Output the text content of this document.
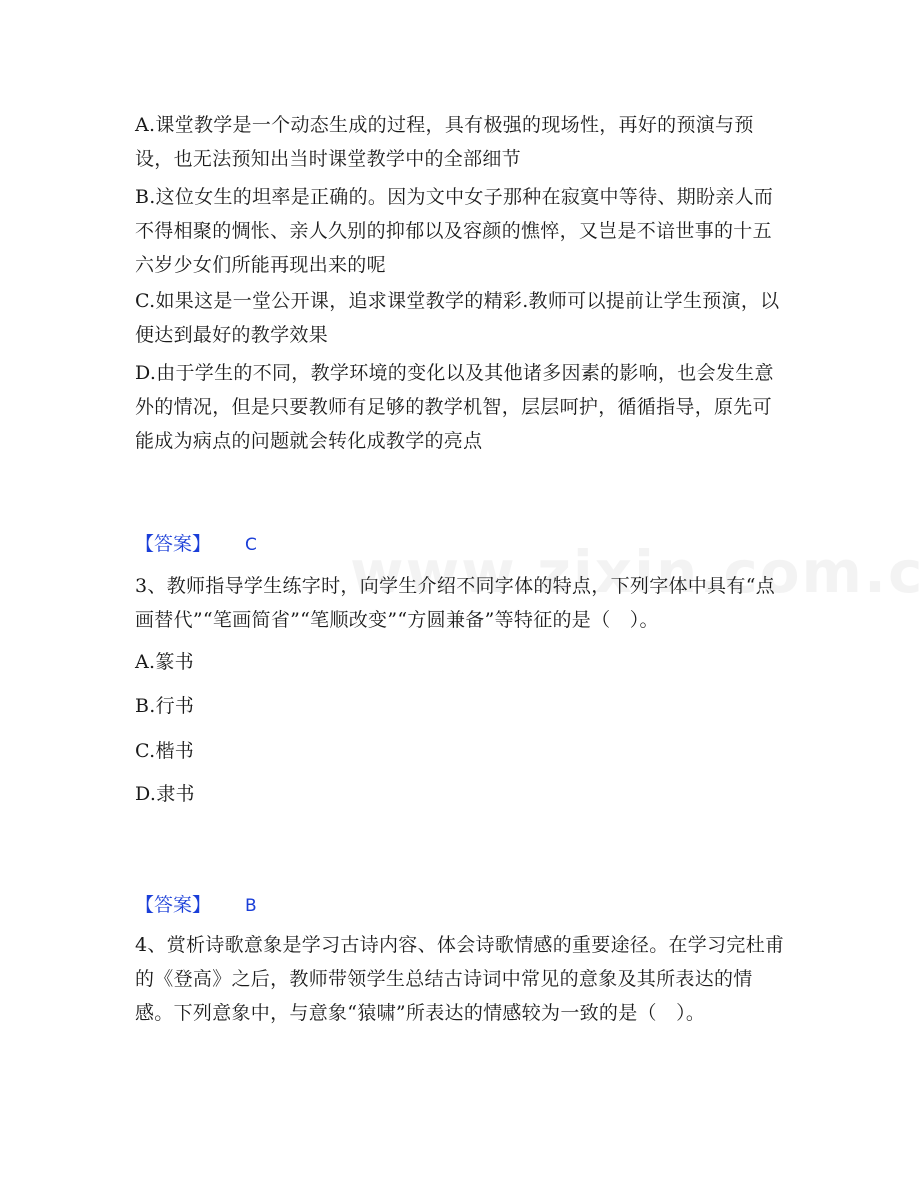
A.课堂教学是一个动态生成的过程，具有极强的现场性，再好的预演与预设，也无法预知出当时课堂教学中的全部细节

B.这位女生的坦率是正确的。因为文中女子那种在寂寞中等待、期盼亲人而不得相聚的惆怅、亲人久别的抑郁以及容颜的憔悴，又岂是不谙世事的十五六岁少女们所能再现出来的呢

C.如果这是一堂公开课，追求课堂教学的精彩.教师可以提前让学生预演，以便达到最好的教学效果

D.由于学生的不同，教学环境的变化以及其他诸多因素的影响，也会发生意外的情况，但是只要教师有足够的教学机智，层层呵护，循循指导，原先可能成为病点的问题就会转化成教学的亮点

【答案】 C

3、教师指导学生练字时，向学生介绍不同字体的特点，下列字体中具有“点画替代”“笔画简省”“笔顺改变”“方圆兼备”等特征的是（　）。

A.篆书

B.行书

C.楷书

D.隶书

【答案】 B

4、赏析诗歌意象是学习古诗内容、体会诗歌情感的重要途径。在学习完杜甫的《登高》之后，教师带领学生总结古诗词中常见的意象及其所表达的情感。下列意象中，与意象“猿啸”所表达的情感较为一致的是（　）。
